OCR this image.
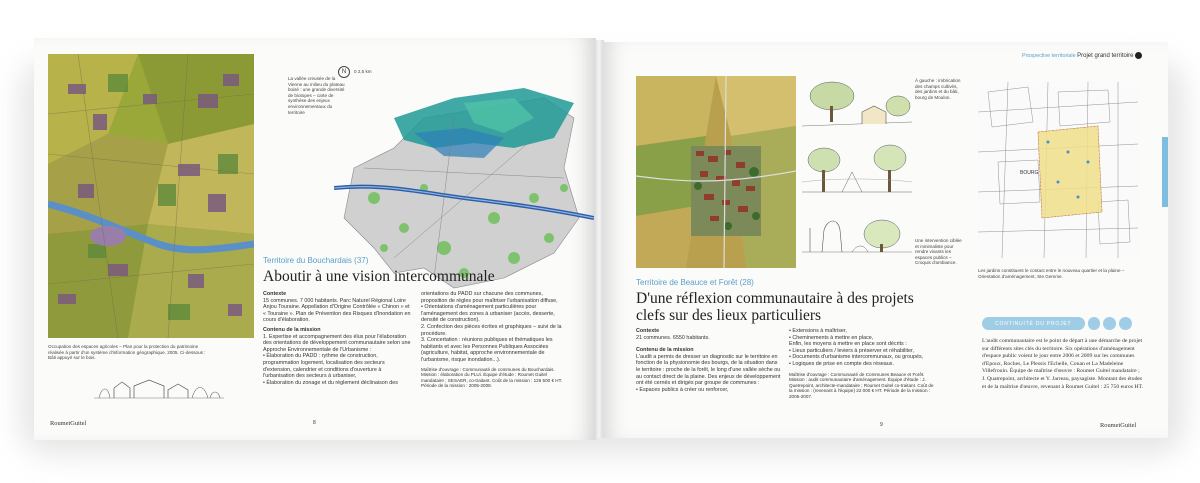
Occupation des espaces agricoles – Plan pour la protection du patrimoine réalisée à partir d'un système d'information géographique, 2005. Ci-dessous : Bâti appuyé sur le bois.
La vallée creusée de la Vienne au milieu du plateau boisé : une grande diversité de biotopes – carte de synthèse des enjeux environnementaux du territoire
N	0 2,5 km
Territoire du Bouchardais (37)
Aboutir à une vision intercommunale
Contexte
15 communes. 7 000 habitants. Parc Naturel Régional Loire Anjou Touraine. Appellation d'Origine Contrôlée « Chinon » et « Touraine ». Plan de Prévention des Risques d'Inondation en cours d'élaboration.
Contenu de la mission
1. Expertise et accompagnement des élus pour l'élaboration des orientations de développement communautaire selon une Approche Environnementale de l'Urbanisme :
• Élaboration du PADD : rythme de construction, programmation logement, localisation des secteurs d'extension, calendrier et conditions d'ouverture à l'urbanisation des secteurs à urbaniser,
• Élaboration du zonage et du règlement déclinaison des
orientations du PADD sur chacune des communes, proposition de règles pour maîtriser l'urbanisation diffuse,
• Orientations d'aménagement particulières pour l'aménagement des zones à urbaniser (accès, desserte, densité de construction).
2. Confection des pièces écrites et graphiques – suivi de la procédure.
3. Concertation : réunions publiques et thématiques les habitants et avec les Personnes Publiques Associées (agriculture, habitat, approche environnementale de l'urbanisme, risque inondation...).
Maîtrise d'ouvrage : Communauté de communes du Bouchardais. Mission : élaboration du PLUi. Équipe d'étude : Roumet Guitel mandataire ; SESAER, co-traitant. Coût de la mission : 126 500 € HT. Période de la mission : 2005-2008.
RoumetGuitel	8
Prospective territoriale Projet grand territoire
À gauche : imbrication des champs cultivés, des jardins et du bâti, bourg de Moulon.
Une intervention ciblée et minimaliste pour rendre vivants les espaces publics – Croquis d'ambiance.
BOURG
Les jardins constituent le contact entre le nouveau quartier et la plaine – Orientation d'aménagement, Ste Gemme.
Territoire de Beauce et Forêt (28)
D'une réflexion communautaire à des projets clefs sur des lieux particuliers
Contexte
21 communes. 6550 habitants.
Contenu de la mission
L'audit a permis de dresser un diagnostic sur le territoire en fonction de la physionomie des bourgs, de la situation dans le territoire : proche de la forêt, le long d'une vallée sèche ou au contact direct de la plaine. Des enjeux de développement ont été cernés et dirigés par groupe de communes :
• Espaces publics à créer ou renforcer,
• Extensions à maîtriser,
• Cheminements à mettre en place,
Enfin, les moyens à mettre en place sont décrits :
• Lieux particuliers / leviers à préserver et réhabiliter,
• Documents d'urbanisme intercommunaux, ou groupés,
• Logiques de prise en compte des réseaux.
Maîtrise d'ouvrage : Communauté de Communes Beauce et Forêt. Mission : audit communautaire d'aménagement. Équipe d'étude : J. Quetrepoint, architecte-mandataire ; Roumet Guitel co-traitant. Coût de la mission : (revenant à l'équipe) 22 000 € HT. Période de la mission : 2005-2007.
CONTINUITÉ DU PROJET
L'audit communautaire est le point de départ à une démarche de projet sur différents sites clés du territoire. Six opérations d'aménagement d'espace public voient le jour entre 2006 et 2009 sur les communes d'Epoux, Roches, Le Plessis l'Echelle, Conan et La Madeleine Villefrouin. Équipe de maîtrise d'œuvre : Roumet Guitel mandataire ; J. Quatrepoint, architecte et Y. Jarreau, paysagiste. Montant des études et de la maîtrise d'œuvre, revenant à Roumet Guitel : 25 750 euros HT.
9	RoumetGuitel
